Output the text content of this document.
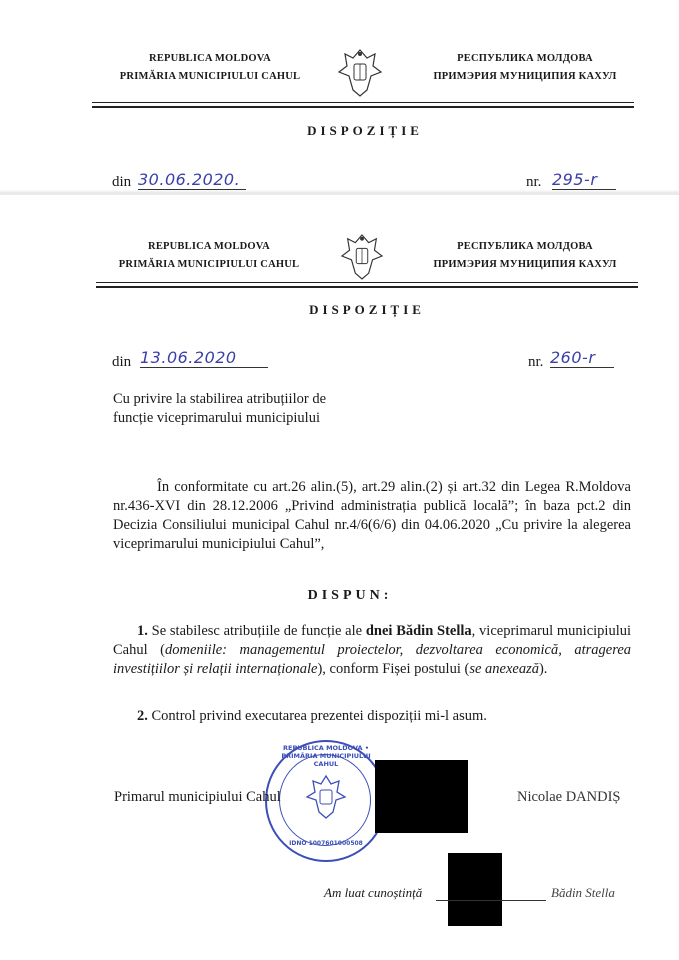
REPUBLICA MOLDOVA
PRIMĂRIA MUNICIPIULUI CAHUL
РЕСПУБЛИКА МОЛДОВА
ПРИМЭРИЯ МУНИЦИПИЯ КАХУЛ
DISPOZIȚIE
din 30.06.2020.	nr. 295-r
REPUBLICA MOLDOVA
PRIMĂRIA MUNICIPIULUI CAHUL
РЕСПУБЛИКА МОЛДОВА
ПРИМЭРИЯ МУНИЦИПИЯ КАХУЛ
DISPOZIȚIE
din 13.06.2020	nr. 260-r
Cu privire la stabilirea atribuțiilor de
funcție viceprimarului municipiului
În conformitate cu art.26 alin.(5), art.29 alin.(2) și art.32 din Legea R.Moldova nr.436-XVI din 28.12.2006 „Privind administrația publică locală”; în baza pct.2 din Decizia Consiliului municipal Cahul nr.4/6(6/6) din 04.06.2020 „Cu privire la alegerea viceprimarului municipiului Cahul”,
DISPUN:
1. Se stabilesc atribuțiile de funcție ale dnei Bădin Stella, viceprimarul municipiului Cahul (domeniile: managementul proiectelor, dezvoltarea economică, atragerea investițiilor și relații internaționale), conform Fișei postului (se anexează).
2. Control privind executarea prezentei dispoziții mi-l asum.
REPUBLICA MOLDOVA • PRIMĂRIA MUNICIPIULUI CAHUL
IDNO 1007601000508
Primarul municipiului Cahul	Nicolae DANDIȘ
Am luat cunoștință	Bădin Stella
